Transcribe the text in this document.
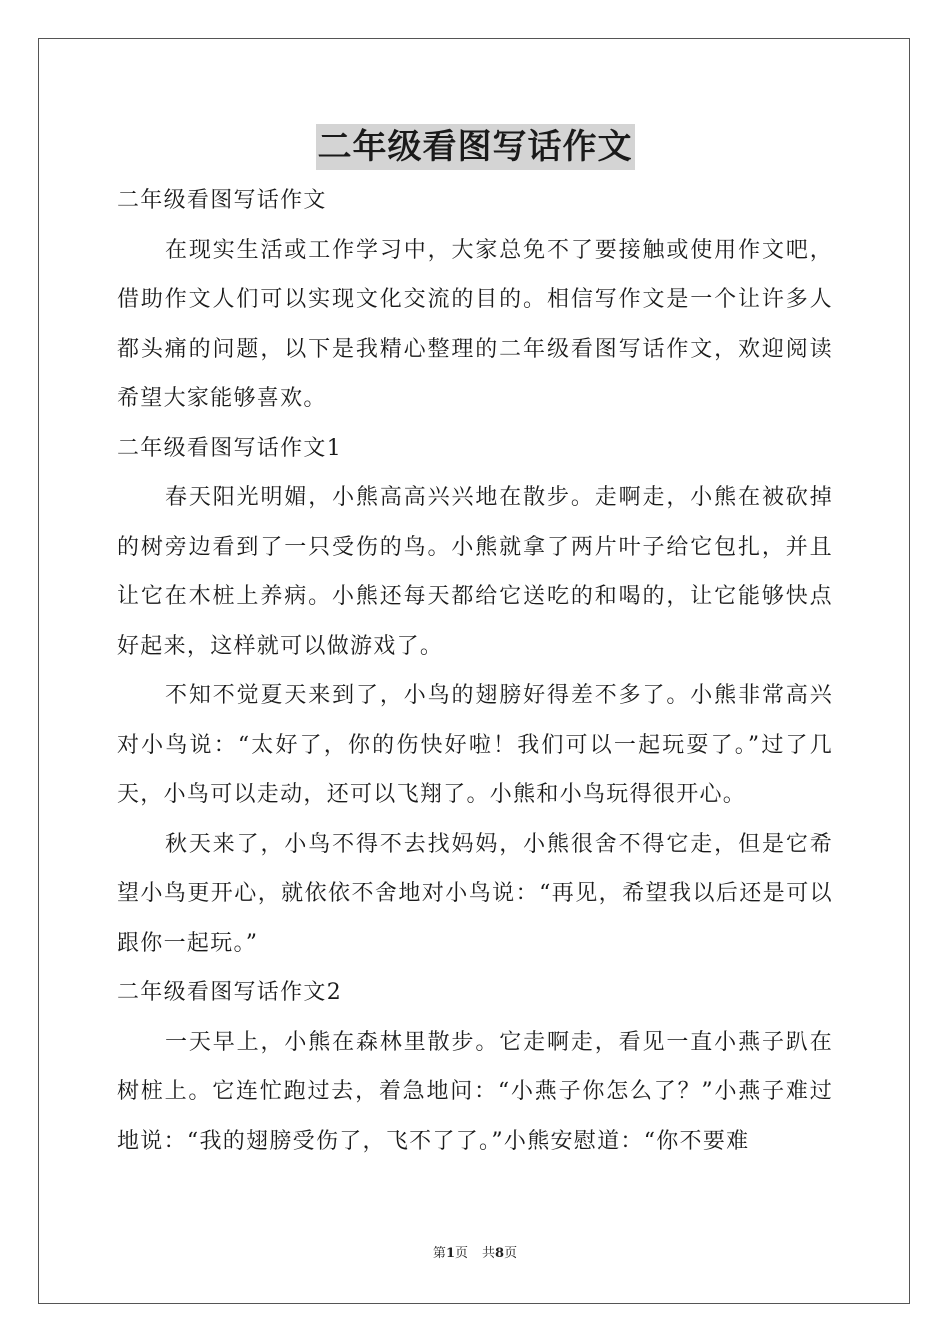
二年级看图写话作文
二年级看图写话作文

在现实生活或工作学习中，大家总免不了要接触或使用作文吧，借助作文人们可以实现文化交流的目的。相信写作文是一个让许多人都头痛的问题，以下是我精心整理的二年级看图写话作文，欢迎阅读希望大家能够喜欢。

二年级看图写话作文1

春天阳光明媚，小熊高高兴兴地在散步。走啊走，小熊在被砍掉的树旁边看到了一只受伤的鸟。小熊就拿了两片叶子给它包扎，并且让它在木桩上养病。小熊还每天都给它送吃的和喝的，让它能够快点好起来，这样就可以做游戏了。

不知不觉夏天来到了，小鸟的翅膀好得差不多了。小熊非常高兴对小鸟说：“太好了，你的伤快好啦！我们可以一起玩耍了。”过了几天，小鸟可以走动，还可以飞翔了。小熊和小鸟玩得很开心。

秋天来了，小鸟不得不去找妈妈，小熊很舍不得它走，但是它希望小鸟更开心，就依依不舍地对小鸟说：“再见，希望我以后还是可以跟你一起玩。”

二年级看图写话作文2

一天早上，小熊在森林里散步。它走啊走，看见一直小燕子趴在树桩上。它连忙跑过去，着急地问：“小燕子你怎么了？”小燕子难过地说：“我的翅膀受伤了，飞不了了。”小熊安慰道：“你不要难

第1页 共8页
